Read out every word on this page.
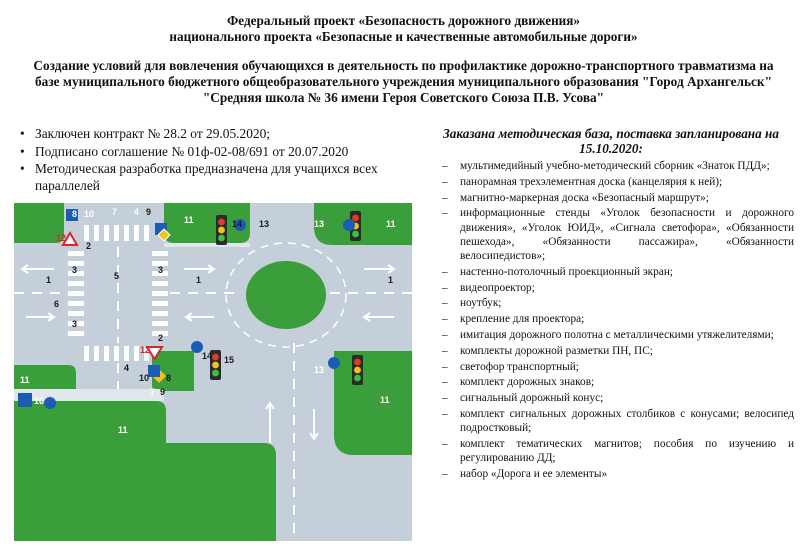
Федеральный проект «Безопасность дорожного движения»
национального проекта «Безопасные и качественные автомобильные дороги»
Создание условий для вовлечения обучающихся в деятельность по профилактике дорожно-транспортного травматизма на
базе муниципального бюджетного общеобразовательного учреждения муниципального образования "Город Архангельск"
"Средняя школа № 36 имени Героя Советского Союза П.В. Усова"
• Заключен контракт № 28.2 от 29.05.2020;
• Подписано соглашение № 01ф-02-08/691 от 20.07.2020
• Методическая разработка предназначена для учащихся всех параллелей
Заказана методическая база, поставка запланирована на 15.10.2020:
– мультимедийный учебно-методический сборник «Знаток ПДД»;
– панорамная трехэлементная доска (канцелярия к ней);
– магнитно-маркерная доска «Безопасный маршрут»;
– информационные стенды «Уголок безопасности и дорожного движения», «Уголок ЮИД», «Сигнала светофора», «Обязанности пешехода», «Обязанности пассажира», «Обязанности велосипедистов»;
– настенно-потолочный проекционный экран;
– видеопроектор;
– ноутбук;
– крепление для проектора;
– имитация дорожного полотна с металлическими утяжелителями;
– комплекты дорожной разметки ПН, ПС;
– светофор транспортный;
– комплект дорожных знаков;
– сигнальный дорожный конус;
– комплект сигнальных дорожных столбиков с конусами; велосипед подростковый;
– комплект тематических магнитов; пособия по изучению и регулированию ДД;
– набор «Дорога и ее элементы»
8
12
10 7 4 9
11	14 13	13	11
3
2
3
3
5
1
6
1	1
2
12
14 15
4
8
10
7 9
13
16
11
11
11
